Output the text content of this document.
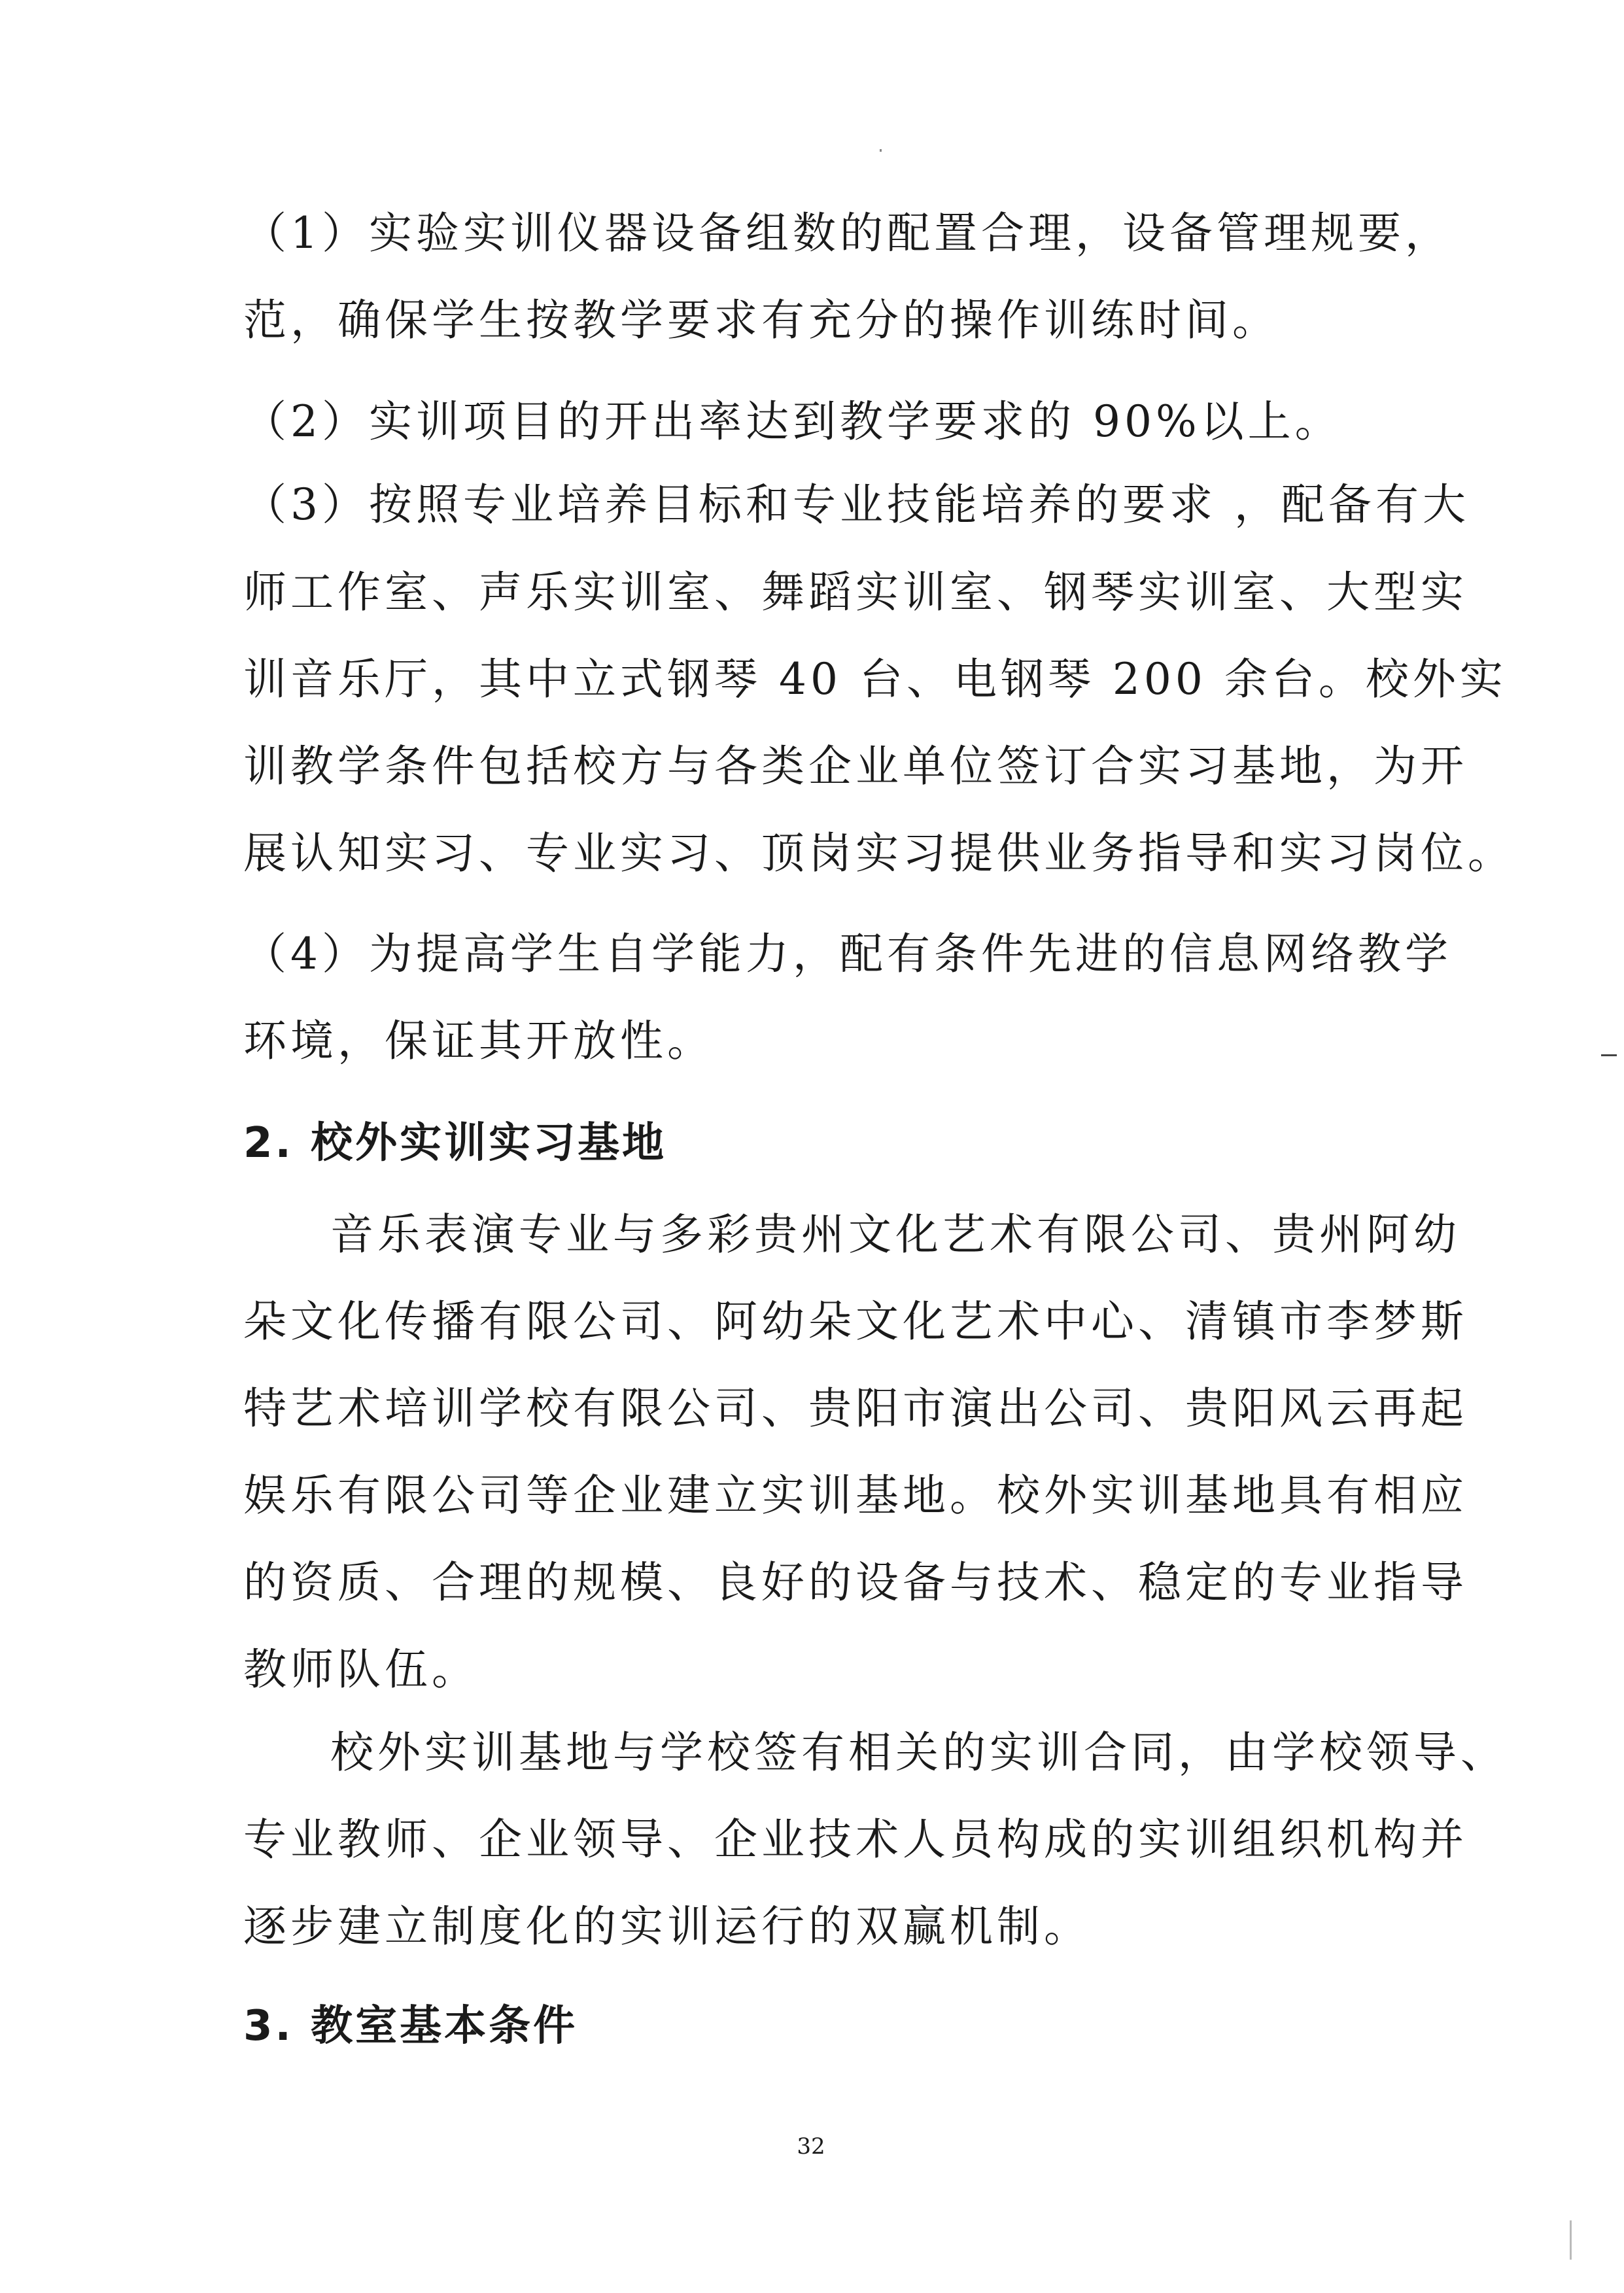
（1）实验实训仪器设备组数的配置合理，设备管理规要，
范，确保学生按教学要求有充分的操作训练时间。
（2）实训项目的开出率达到教学要求的 90%以上。
（3）按照专业培养目标和专业技能培养的要求 ，配备有大
师工作室、声乐实训室、舞蹈实训室、钢琴实训室、大型实
训音乐厅，其中立式钢琴 40 台、电钢琴 200 余台。校外实
训教学条件包括校方与各类企业单位签订合实习基地，为开
展认知实习、专业实习、顶岗实习提供业务指导和实习岗位。
（4）为提高学生自学能力，配有条件先进的信息网络教学
环境，保证其开放性。
2. 校外实训实习基地
音乐表演专业与多彩贵州文化艺术有限公司、贵州阿幼
朵文化传播有限公司、阿幼朵文化艺术中心、清镇市李梦斯
特艺术培训学校有限公司、贵阳市演出公司、贵阳风云再起
娱乐有限公司等企业建立实训基地。校外实训基地具有相应
的资质、合理的规模、良好的设备与技术、稳定的专业指导
教师队伍。
校外实训基地与学校签有相关的实训合同，由学校领导、
专业教师、企业领导、企业技术人员构成的实训组织机构并
逐步建立制度化的实训运行的双赢机制。
3. 教室基本条件
32
